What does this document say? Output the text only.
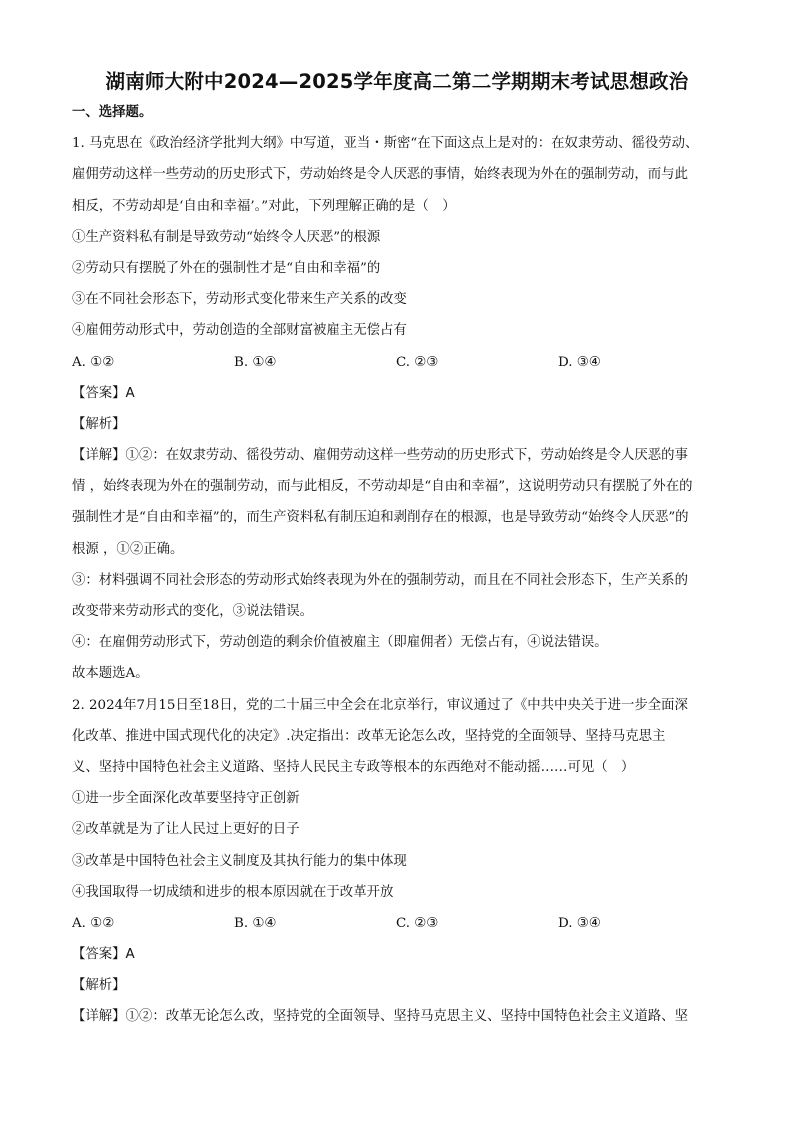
湖南师大附中2024—2025学年度高二第二学期期末考试思想政治
一、选择题。
1. 马克思在《政治经济学批判大纲》中写道，亚当・斯密“在下面这点上是对的：在奴隶劳动、徭役劳动、
雇佣劳动这样一些劳动的历史形式下，劳动始终是令人厌恶的事情，始终表现为外在的强制劳动，而与此
相反，不劳动却是‘自由和幸福’。”对此，下列理解正确的是（　）
①生产资料私有制是导致劳动“始终令人厌恶”的根源
②劳动只有摆脱了外在的强制性才是“自由和幸福”的
③在不同社会形态下，劳动形式变化带来生产关系的改变
④雇佣劳动形式中，劳动创造的全部财富被雇主无偿占有
A. ①②	B. ①④	C. ②③	D. ③④
【答案】A
【解析】
【详解】①②：在奴隶劳动、徭役劳动、雇佣劳动这样一些劳动的历史形式下，劳动始终是令人厌恶的事
情 ，始终表现为外在的强制劳动，而与此相反，不劳动却是“自由和幸福”，这说明劳动只有摆脱了外在的
强制性才是“自由和幸福”的，而生产资料私有制压迫和剥削存在的根源，也是导致劳动“始终令人厌恶”的
根源 ，①②正确。
③：材料强调不同社会形态的劳动形式始终表现为外在的强制劳动，而且在不同社会形态下，生产关系的
改变带来劳动形式的变化，③说法错误。
④：在雇佣劳动形式下，劳动创造的剩余价值被雇主（即雇佣者）无偿占有，④说法错误。
故本题选A。
2. 2024年7月15日至18日，党的二十届三中全会在北京举行，审议通过了《中共中央关于进一步全面深
化改革、推进中国式现代化的决定》.决定指出：改革无论怎么改，坚持党的全面领导、坚持马克思主
义、坚持中国特色社会主义道路、坚持人民民主专政等根本的东西绝对不能动摇……可见（　）
①进一步全面深化改革要坚持守正创新
②改革就是为了让人民过上更好的日子
③改革是中国特色社会主义制度及其执行能力的集中体现
④我国取得一切成绩和进步的根本原因就在于改革开放
A. ①②	B. ①④	C. ②③	D. ③④
【答案】A
【解析】
【详解】①②：改革无论怎么改，坚持党的全面领导、坚持马克思主义、坚持中国特色社会主义道路、坚
